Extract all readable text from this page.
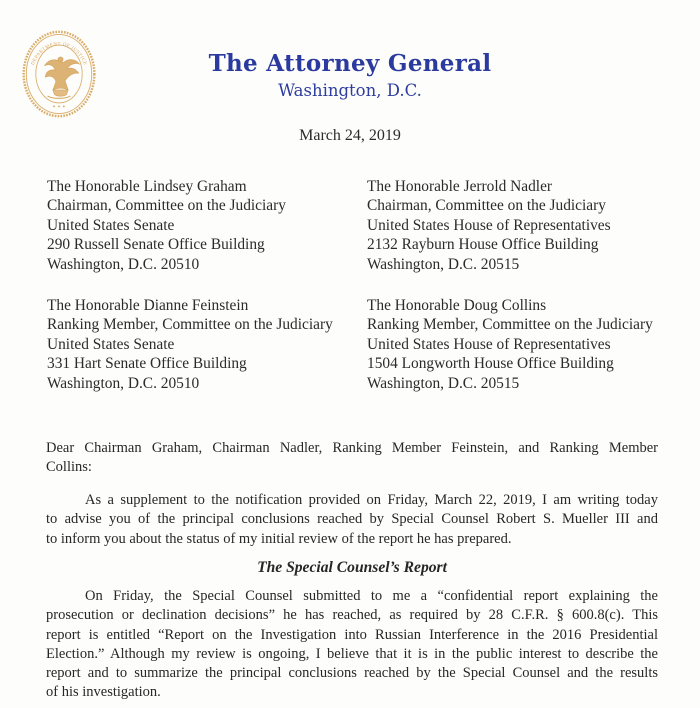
DEPARTMENT OF JUSTICE
✦ ✦ ✦
The Attorney General
Washington, D.C.
March 24, 2019
The Honorable Lindsey Graham
Chairman, Committee on the Judiciary
United States Senate
290 Russell Senate Office Building
Washington, D.C. 20510
The Honorable Jerrold Nadler
Chairman, Committee on the Judiciary
United States House of Representatives
2132 Rayburn House Office Building
Washington, D.C. 20515
The Honorable Dianne Feinstein
Ranking Member, Committee on the Judiciary
United States Senate
331 Hart Senate Office Building
Washington, D.C. 20510
The Honorable Doug Collins
Ranking Member, Committee on the Judiciary
United States House of Representatives
1504 Longworth House Office Building
Washington, D.C. 20515
Dear Chairman Graham, Chairman Nadler, Ranking Member Feinstein, and Ranking Member
Collins:
As a supplement to the notification provided on Friday, March 22, 2019, I am writing today
to advise you of the principal conclusions reached by Special Counsel Robert S. Mueller III and
to inform you about the status of my initial review of the report he has prepared.
The Special Counsel’s Report
On Friday, the Special Counsel submitted to me a “confidential report explaining the
prosecution or declination decisions” he has reached, as required by 28 C.F.R. § 600.8(c). This
report is entitled “Report on the Investigation into Russian Interference in the 2016 Presidential
Election.” Although my review is ongoing, I believe that it is in the public interest to describe the
report and to summarize the principal conclusions reached by the Special Counsel and the results
of his investigation.
